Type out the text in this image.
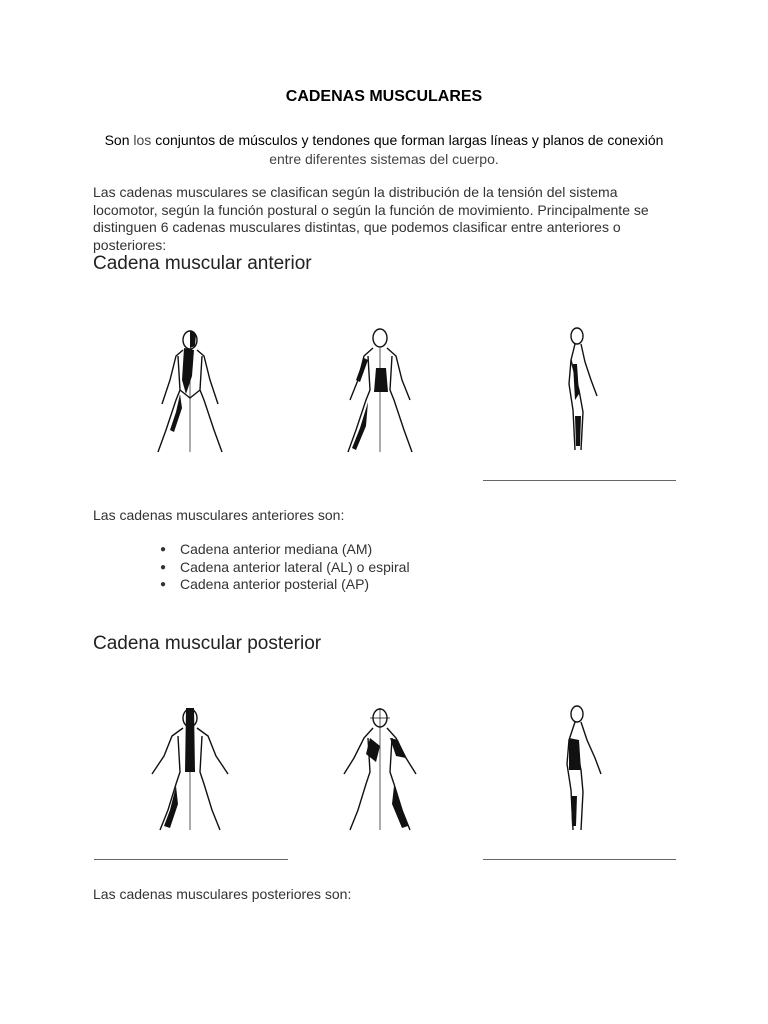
CADENAS MUSCULARES
Son los conjuntos de músculos y tendones que forman largas líneas y planos de conexión
entre diferentes sistemas del cuerpo.
Las cadenas musculares se clasifican según la distribución de la tensión del sistema locomotor, según la función postural o según la función de movimiento. Principalmente se distinguen 6 cadenas musculares distintas, que podemos clasificar entre anteriores o posteriores:
Cadena muscular anterior
Las cadenas musculares anteriores son:
● Cadena anterior mediana (AM)
● Cadena anterior lateral (AL) o espiral
● Cadena anterior posterial (AP)
Cadena muscular posterior
Las cadenas musculares posteriores son:
